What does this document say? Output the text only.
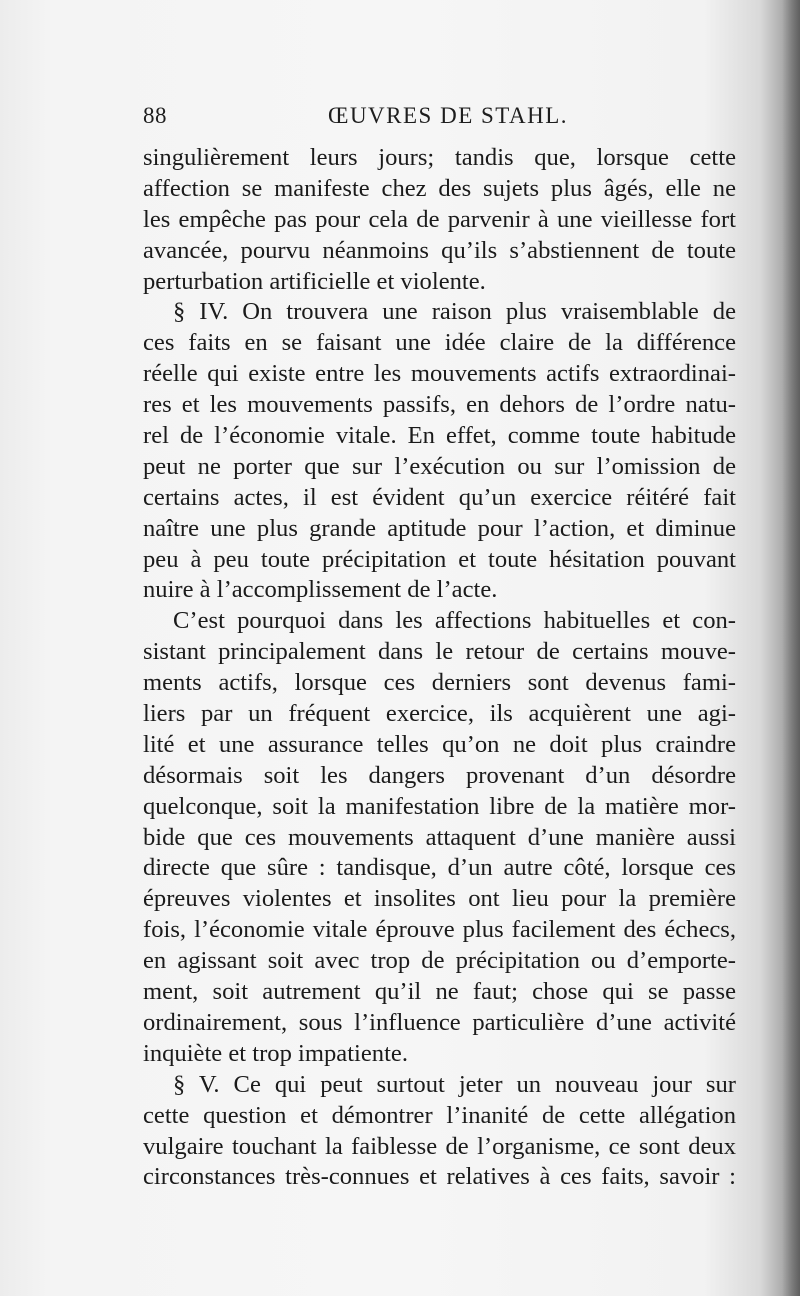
88	ŒUVRES DE STAHL.
singulièrement leurs jours; tandis que, lorsque cette
affection se manifeste chez des sujets plus âgés, elle ne
les empêche pas pour cela de parvenir à une vieillesse fort
avancée, pourvu néanmoins qu’ils s’abstiennent de toute
perturbation artificielle et violente.
§ IV. On trouvera une raison plus vraisemblable de
ces faits en se faisant une idée claire de la différence
réelle qui existe entre les mouvements actifs extraordinai-
res et les mouvements passifs, en dehors de l’ordre natu-
rel de l’économie vitale. En effet, comme toute habitude
peut ne porter que sur l’exécution ou sur l’omission de
certains actes, il est évident qu’un exercice réitéré fait
naître une plus grande aptitude pour l’action, et diminue
peu à peu toute précipitation et toute hésitation pouvant
nuire à l’accomplissement de l’acte.
C’est pourquoi dans les affections habituelles et con-
sistant principalement dans le retour de certains mouve-
ments actifs, lorsque ces derniers sont devenus fami-
liers par un fréquent exercice, ils acquièrent une agi-
lité et une assurance telles qu’on ne doit plus craindre
désormais soit les dangers provenant d’un désordre
quelconque, soit la manifestation libre de la matière mor-
bide que ces mouvements attaquent d’une manière aussi
directe que sûre : tandisque, d’un autre côté, lorsque ces
épreuves violentes et insolites ont lieu pour la première
fois, l’économie vitale éprouve plus facilement des échecs,
en agissant soit avec trop de précipitation ou d’emporte-
ment, soit autrement qu’il ne faut; chose qui se passe
ordinairement, sous l’influence particulière d’une activité
inquiète et trop impatiente.
§ V. Ce qui peut surtout jeter un nouveau jour sur
cette question et démontrer l’inanité de cette allégation
vulgaire touchant la faiblesse de l’organisme, ce sont deux
circonstances très-connues et relatives à ces faits, savoir :
